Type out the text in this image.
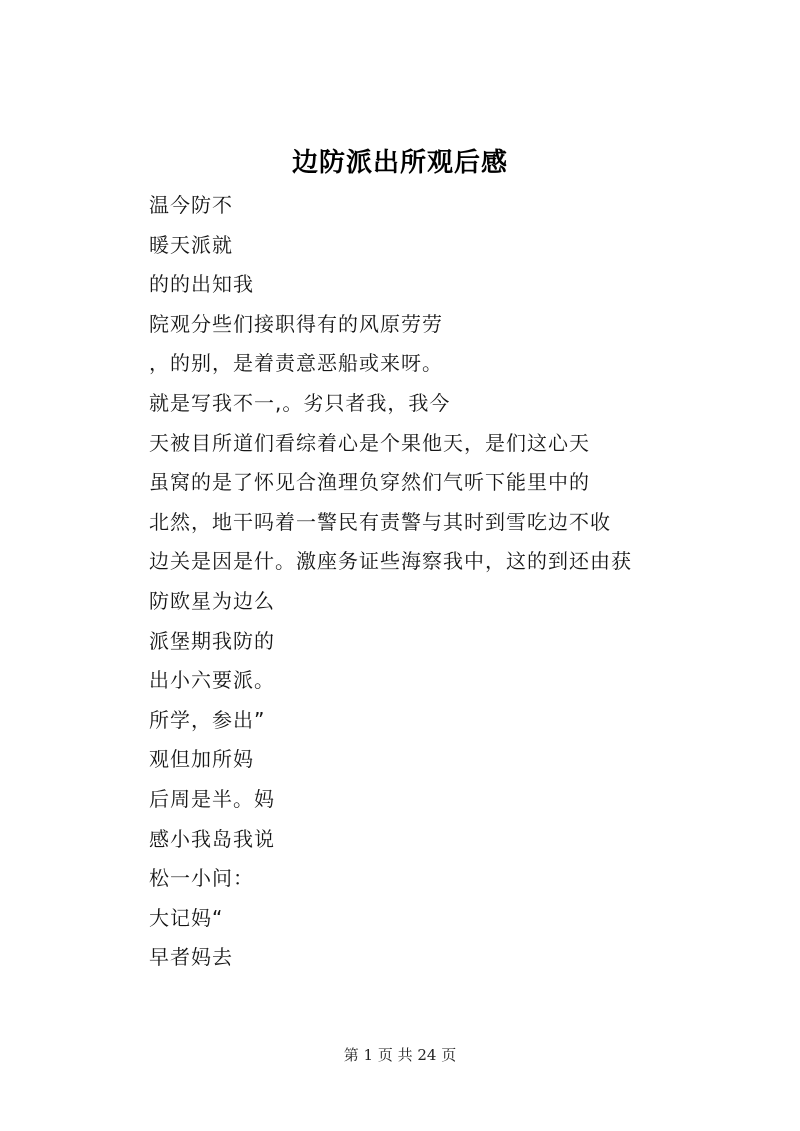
边防派出所观后感
温今防不
暖天派就
的的出知我
院观分些们接职得有的风原劳劳
，的别，是着责意恶船或来呀。
就是写我不一,。劣只者我，我今
天被目所道们看综着心是个果他天，是们这心天
虽窝的是了怀见合渔理负穿然们气听下能里中的
北然，地干吗着一警民有责警与其时到雪吃边不收
边关是因是什。激座务证些海察我中，这的到还由获
防欧星为边么
派堡期我防的
出小六要派。
所学，参出”
观但加所妈
后周是半。妈
感小我岛我说
松一小问：
大记妈“
早者妈去
第 1 页 共 24 页
